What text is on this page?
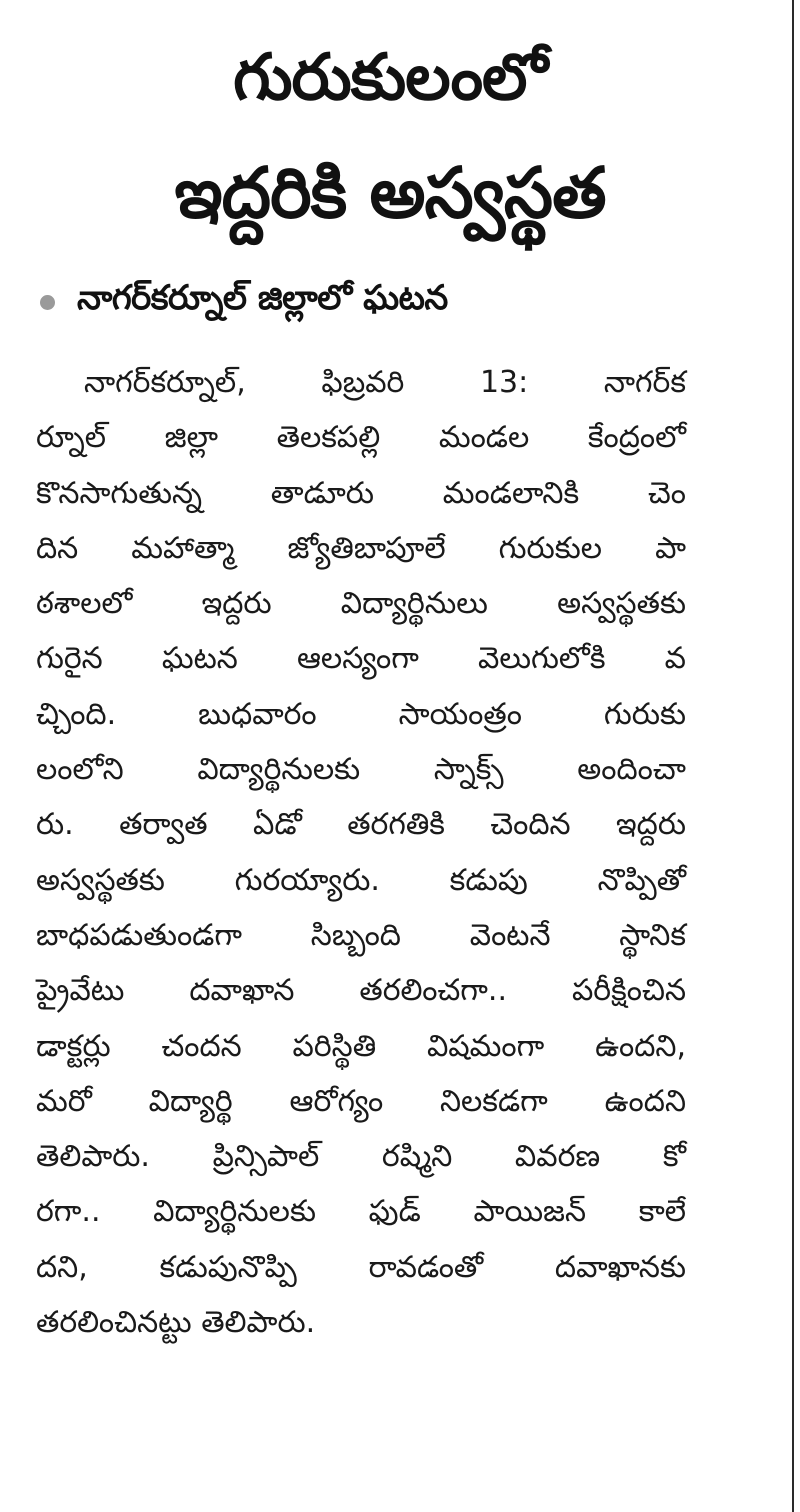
గురుకులంలో
ఇద్దరికి అస్వస్థత
నాగర్‌కర్నూల్ జిల్లాలో ఘటన
నాగర్‌కర్నూల్, ఫిబ్రవరి 13: నాగర్‌క
ర్నూల్ జిల్లా తెలకపల్లి మండల కేంద్రంలో
కొనసాగుతున్న తాడూరు మండలానికి చెం
దిన మహాత్మా జ్యోతిబాపూలే గురుకుల పా
ఠశాలలో ఇద్దరు విద్యార్థినులు అస్వస్థతకు
గురైన ఘటన ఆలస్యంగా వెలుగులోకి వ
చ్చింది. బుధవారం సాయంత్రం గురుకు
లంలోని విద్యార్థినులకు స్నాక్స్ అందించా
రు. తర్వాత ఏడో తరగతికి చెందిన ఇద్దరు
అస్వస్థతకు గురయ్యారు. కడుపు నొప్పితో
బాధపడుతుండగా సిబ్బంది వెంటనే స్థానిక
ప్రైవేటు దవాఖాన తరలించగా.. పరీక్షించిన
డాక్టర్లు చందన పరిస్థితి విషమంగా ఉందని,
మరో విద్యార్థి ఆరోగ్యం నిలకడగా ఉందని
తెలిపారు. ప్రిన్సిపాల్ రష్మిని వివరణ కో
రగా.. విద్యార్థినులకు ఫుడ్ పాయిజన్ కాలే
దని, కడుపునొప్పి రావడంతో దవాఖానకు
తరలించినట్టు తెలిపారు.
